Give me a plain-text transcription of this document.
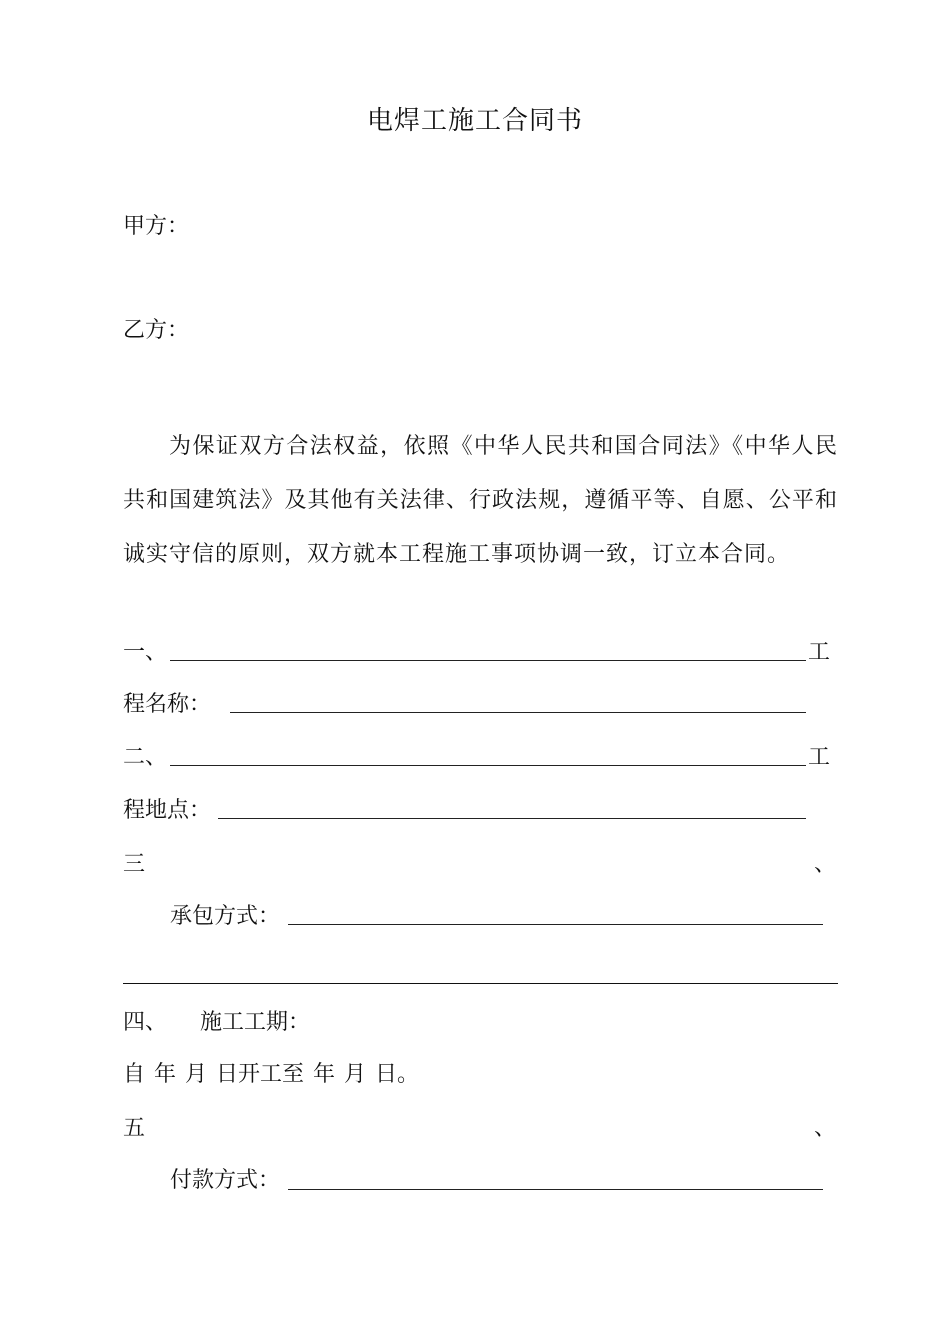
电焊工施工合同书
甲方：
乙方：
为保证双方合法权益，依照《中华人民共和国合同法》《中华人民共和国建筑法》及其他有关法律、行政法规，遵循平等、自愿、公平和诚实守信的原则，双方就本工程施工事项协调一致，订立本合同。
一、	工
程名称：
二、	工
程地点：
三	、
承包方式：
四、　　施工工期：
自 年 月 日开工至 年 月 日。
五	、
付款方式：
